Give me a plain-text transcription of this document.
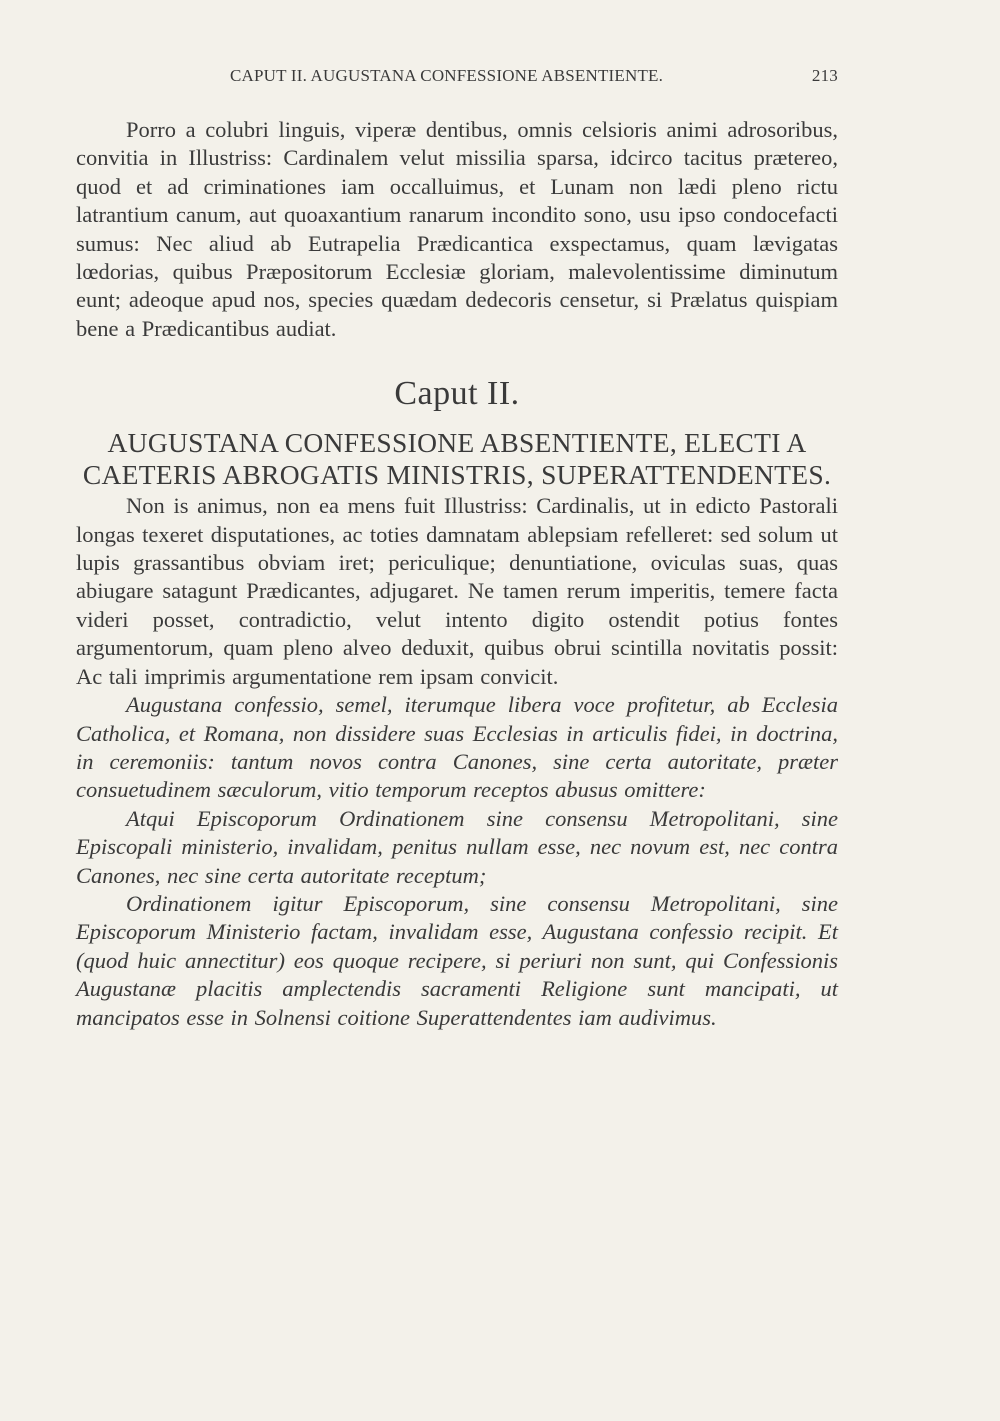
CAPUT II. AUGUSTANA CONFESSIONE ABSENTIENTE.	213

Porro a colubri linguis, viperæ dentibus, omnis celsioris animi adrosoribus, convitia in Illustriss: Cardinalem velut missilia sparsa, idcirco tacitus prætereo, quod et ad criminationes iam occalluimus, et Lunam non lædi pleno rictu latrantium canum, aut quoaxantium ranarum incondito sono, usu ipso condocefacti sumus: Nec aliud ab Eutrapelia Prædicantica exspectamus, quam lævigatas lœdorias, quibus Præpositorum Ecclesiæ gloriam, malevolentissime diminutum eunt; adeoque apud nos, species quædam dedecoris censetur, si Prælatus quispiam bene a Prædicantibus audiat.

Caput II.
AUGUSTANA CONFESSIONE ABSENTIENTE, ELECTI A CAETERIS ABROGATIS MINISTRIS, SUPERATTENDENTES.

Non is animus, non ea mens fuit Illustriss: Cardinalis, ut in edicto Pastorali longas texeret disputationes, ac toties damnatam ablepsiam refelleret: sed solum ut lupis grassantibus obviam iret; periculique; denuntiatione, oviculas suas, quas abiugare satagunt Prædicantes, adjugaret. Ne tamen rerum imperitis, temere facta videri posset, contradictio, velut intento digito ostendit potius fontes argumentorum, quam pleno alveo deduxit, quibus obrui scintilla novitatis possit: Ac tali imprimis argumentatione rem ipsam convicit.

Augustana confessio, semel, iterumque libera voce profitetur, ab Ecclesia Catholica, et Romana, non dissidere suas Ecclesias in articulis fidei, in doctrina, in ceremoniis: tantum novos contra Canones, sine certa autoritate, præter consuetudinem sæculorum, vitio temporum receptos abusus omittere:

Atqui Episcoporum Ordinationem sine consensu Metropolitani, sine Episcopali ministerio, invalidam, penitus nullam esse, nec novum est, nec contra Canones, nec sine certa autoritate receptum;

Ordinationem igitur Episcoporum, sine consensu Metropolitani, sine Episcoporum Ministerio factam, invalidam esse, Augustana confessio recipit. Et (quod huic annectitur) eos quoque recipere, si periuri non sunt, qui Confessionis Augustanæ placitis amplectendis sacramenti Religione sunt mancipati, ut mancipatos esse in Solnensi coitione Superattendentes iam audivimus.
